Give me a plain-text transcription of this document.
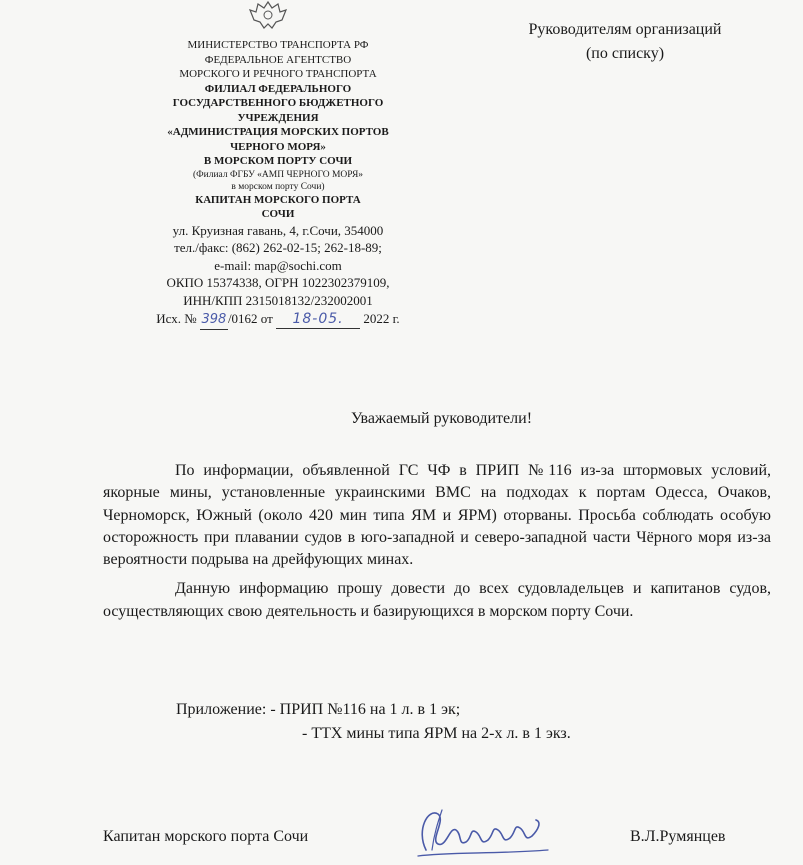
МИНИСТЕРСТВО ТРАНСПОРТА РФ
ФЕДЕРАЛЬНОЕ АГЕНТСТВО
МОРСКОГО И РЕЧНОГО ТРАНСПОРТА
ФИЛИАЛ ФЕДЕРАЛЬНОГО
ГОСУДАРСТВЕННОГО БЮДЖЕТНОГО
УЧРЕЖДЕНИЯ
«АДМИНИСТРАЦИЯ МОРСКИХ ПОРТОВ
ЧЕРНОГО МОРЯ»
В МОРСКОМ ПОРТУ СОЧИ
(Филиал ФГБУ «АМП ЧЕРНОГО МОРЯ»
в морском порту Сочи)
КАПИТАН МОРСКОГО ПОРТА
СОЧИ
ул. Круизная гавань, 4, г.Сочи, 354000
тел./факс: (862) 262-02-15; 262-18-89;
e-mail: map@sochi.com
ОКПО 15374338, ОГРН 1022302379109,
ИНН/КПП 2315018132/232002001
Исх. № 398 /0162 от 18-05. 2022 г.
Руководителям организаций
(по списку)
Уважаемый руководители!

По информации, объявленной ГС ЧФ в ПРИП №116 из-за штормовых условий, якорные мины, установленные украинскими ВМС на подходах к портам Одесса, Очаков, Черноморск, Южный (около 420 мин типа ЯМ и ЯРМ) оторваны. Просьба соблюдать особую осторожность при плавании судов в юго-западной и северо-западной части Чёрного моря из-за вероятности подрыва на дрейфующих минах.

Данную информацию прошу довести до всех судовладельцев и капитанов судов, осуществляющих свою деятельность и базирующихся в морском порту Сочи.

Приложение: - ПРИП №116 на 1 л. в 1 эк;
- ТТХ мины типа ЯРМ на 2-х л. в 1 экз.
Капитан морского порта Сочи	В.Л.Румянцев
